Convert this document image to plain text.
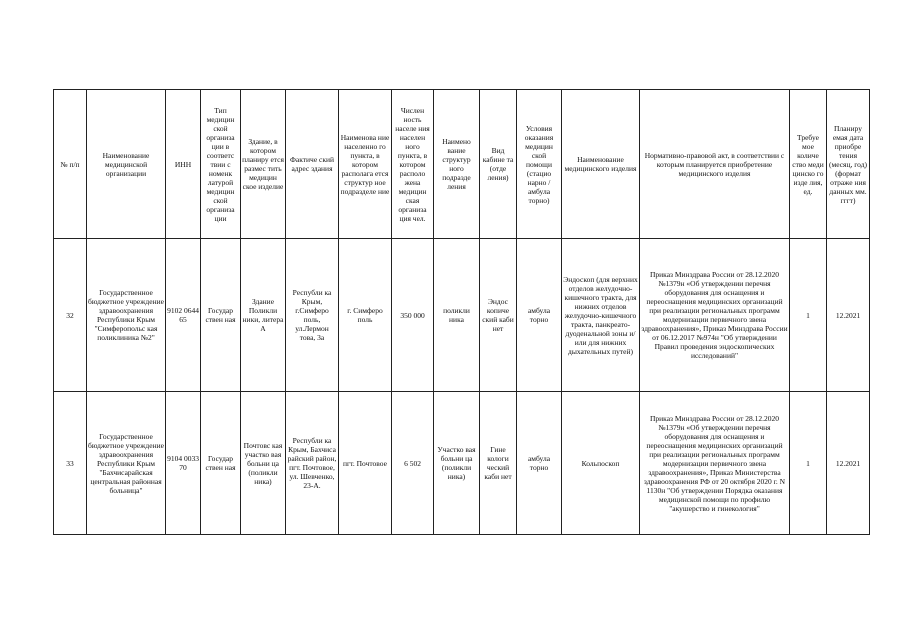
№ п/п	Наименование медицинской организации	ИНН	Тип медицин ской организа ции в соответс твии с номенк латурой медицин ской организа ции	Здание, в котором планиру ется размес тить медицин ское изделие	Фактиче ский адрес здания	Наименова ние населенно го пункта, в котором располага ется структур ное подразделе ние	Числен ность населе ния населен ного пункта, в котором располо жена медицин ская организа ция чел.	Наимено вание структур ного подразде ления	Вид кабине та (отде ления)	Условия оказания медицин ской помощи (стацио нарно / амбула торно)	Наименование медицинского изделия	Нормативно-правовой акт, в соответствии с которым планируется приобретение медицинского изделия	Требуе мое количе ство меди цинско го изде лия, ед.	Планиру емая дата приобре тения (месяц, год) (формат отраже ния данных мм. гггт)
32	Государственное бюджетное учреждение здравоохранения Республики Крым "Симферопольс кая поликлиника №2"	9102 0644 65	Государ ствен ная	Здание Поликли ники, литера А	Республи ка Крым, г.Симферо поль, ул.Лермон това, 3а	г. Симферо поль	350 000	поликли ника	Эндос копиче ский каби нет	амбула торно	Эндоскоп (для верхних отделов желудочно-кишечного тракта, для нижних отделов желудочно-кишечного тракта, панкреато-дуоденальной зоны и/или для нижних дыхательных путей)	Приказ Минздрава России от 28.12.2020 №1379н «Об утверждении перечня оборудования для оснащения и переоснащения медицинских организаций при реализации региональных программ модернизации первичного звена здравоохранения», Приказ Минздрава России от 06.12.2017 №974н "Об утверждении Правил проведения эндоскопических исследований"	1	12.2021
33	Государственное бюджетное учреждение здравоохранения Республики Крым "Бахчисарайская центральная районная больница"	9104 0033 70	Государ ствен ная	Почтовс кая участко вая больни ца (поликли ника)	Республи ка Крым, Бахчиса райский район, пгт. Почтовое, ул. Шевченко, 23-А.	пгт. Почтовое	6 502	Участко вая больни ца (поликли ника)	Гине кологи ческий каби нет	амбула торно	Кольпоскоп	Приказ Минздрава России от 28.12.2020 №1379н «Об утверждении перечня оборудования для оснащения и переоснащения медицинских организаций при реализации региональных программ модернизации первичного звена здравоохранения», Приказ Министерства здравоохранения РФ от 20 октября 2020 г. N 1130н "Об утверждении Порядка оказания медицинской помощи по профилю "акушерство и гинекология"	1	12.2021
